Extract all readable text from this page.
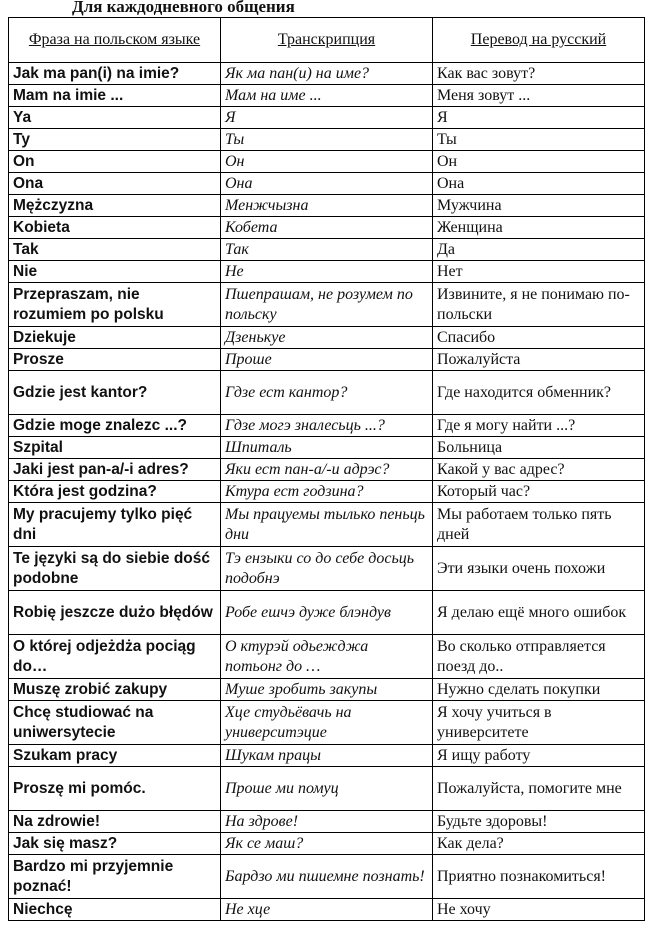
Для каждодневного общения
Фраза на польском языке	Транскрипция	Перевод на русский
Jak ma pan(i) na imie?	Як ма пан(и) на име?	Как вас зовут?
Mam na imie ...	Мам на име ...	Меня зовут ...
Ya	Я	Я
Ty	Ты	Ты
On	Он	Он
Ona	Она	Она
Mężczyzna	Менжчызна	Мужчина
Kobieta	Кобета	Женщина
Tak	Так	Да
Nie	Не	Нет
Przepraszam, nie rozumiem po polsku	Пшепрашам, не розумем по польску	Извините, я не понимаю по-польски
Dziekuje	Дзенькуе	Спасибо
Prosze	Проше	Пожалуйста
Gdzie jest kantor?	Гдзе ест кантор?	Где находится обменник?
Gdzie moge znalezc ...?	Гдзе могэ зналесьць ...?	Где я могу найти ...?
Szpital	Шпиталь	Больница
Jaki jest pan-a/-i adres?	Яки ест пан-а/-и адрэс?	Какой у вас адрес?
Która jest godzina?	Ктура ест годзина?	Который час?
My pracujemy tylko pięć dni	Мы працуемы тылько пеньць дни	Мы работаем только пять дней
Te języki są do siebie dość podobne	Тэ ензыки со до себе досьць подобнэ	Эти языки очень похожи
Robię jeszcze dużo błędów	Робе ешчэ дуже блэндув	Я делаю ещё много ошибок
O której odjeżdża pociąg do…	О ктурэй одьежджа потьонг до …	Во сколько отправляется поезд до..
Muszę zrobić zakupy	Муше зробить закупы	Нужно сделать покупки
Chcę studiować na uniwersytecie	Хце студьёвачь на университэцие	Я хочу учиться в университете
Szukam pracy	Шукам працы	Я ищу работу
Proszę mi pomóc.	Проше ми помуц	Пожалуйста, помогите мне
Na zdrowie!	На здрове!	Будьте здоровы!
Jak się masz?	Як се маш?	Как дела?
Bardzo mi przyjemnie poznać!	Бардзо ми пшиемне познать!	Приятно познакомиться!
Niechcę	Не хце	Не хочу
